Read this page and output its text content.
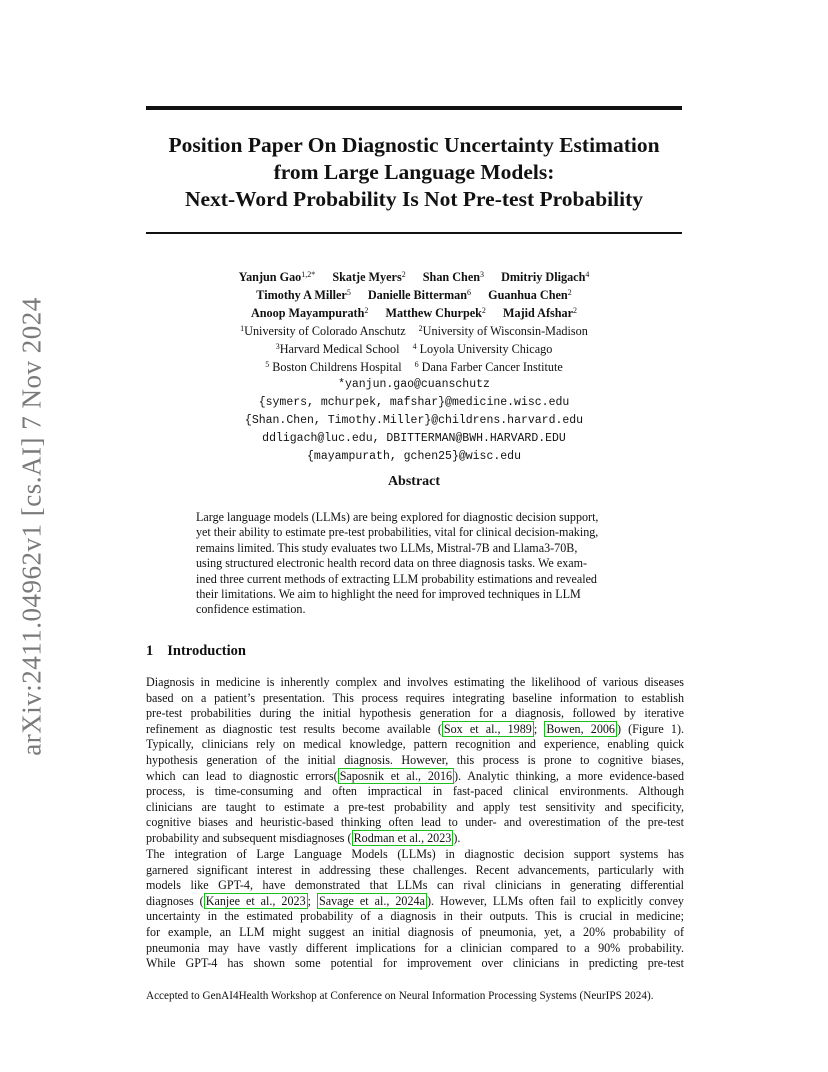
arXiv:2411.04962v1 [cs.AI] 7 Nov 2024
Position Paper On Diagnostic Uncertainty Estimation
from Large Language Models:
Next-Word Probability Is Not Pre-test Probability
Yanjun Gao$^{1,2*}$ Skatje Myers$^2$ Shan Chen$^3$ Dmitriy Dligach$^4$
Timothy A Miller$^5$ Danielle Bitterman$^6$ Guanhua Chen$^2$
Anoop Mayampurath$^2$ Matthew Churpek$^2$ Majid Afshar$^2$
$^1$University of Colorado Anschutz $^2$University of Wisconsin-Madison
$^3$Harvard Medical School $^4$ Loyola University Chicago
$^5$ Boston Childrens Hospital $^6$ Dana Farber Cancer Institute
*yanjun.gao@cuanschutz
{symers, mchurpek, mafshar}@medicine.wisc.edu
{Shan.Chen, Timothy.Miller}@childrens.harvard.edu
ddligach@luc.edu, DBITTERMAN@BWH.HARVARD.EDU
{mayampurath, gchen25}@wisc.edu
Abstract
Large language models (LLMs) are being explored for diagnostic decision support,
yet their ability to estimate pre-test probabilities, vital for clinical decision-making,
remains limited. This study evaluates two LLMs, Mistral-7B and Llama3-70B,
using structured electronic health record data on three diagnosis tasks. We exam-
ined three current methods of extracting LLM probability estimations and revealed
their limitations. We aim to highlight the need for improved techniques in LLM
confidence estimation.
1 Introduction
Diagnosis in medicine is inherently complex and involves estimating the likelihood of various diseases
based on a patient’s presentation. This process requires integrating baseline information to establish
pre-test probabilities during the initial hypothesis generation for a diagnosis, followed by iterative
refinement as diagnostic test results become available ( Sox et al., 1989 ; Bowen, 2006 ) (Figure 1).
Typically, clinicians rely on medical knowledge, pattern recognition and experience, enabling quick
hypothesis generation of the initial diagnosis. However, this process is prone to cognitive biases,
which can lead to diagnostic errors( Saposnik et al., 2016 ). Analytic thinking, a more evidence-based
process, is time-consuming and often impractical in fast-paced clinical environments. Although
clinicians are taught to estimate a pre-test probability and apply test sensitivity and specificity,
cognitive biases and heuristic-based thinking often lead to under- and overestimation of the pre-test
probability and subsequent misdiagnoses ( Rodman et al., 2023 ).
The integration of Large Language Models (LLMs) in diagnostic decision support systems has
garnered significant interest in addressing these challenges. Recent advancements, particularly with
models like GPT-4, have demonstrated that LLMs can rival clinicians in generating differential
diagnoses ( Kanjee et al., 2023 ; Savage et al., 2024a ). However, LLMs often fail to explicitly convey
uncertainty in the estimated probability of a diagnosis in their outputs. This is crucial in medicine;
for example, an LLM might suggest an initial diagnosis of pneumonia, yet, a 20% probability of
pneumonia may have vastly different implications for a clinician compared to a 90% probability.
While GPT-4 has shown some potential for improvement over clinicians in predicting pre-test
Accepted to GenAI4Health Workshop at Conference on Neural Information Processing Systems (NeurIPS 2024).
